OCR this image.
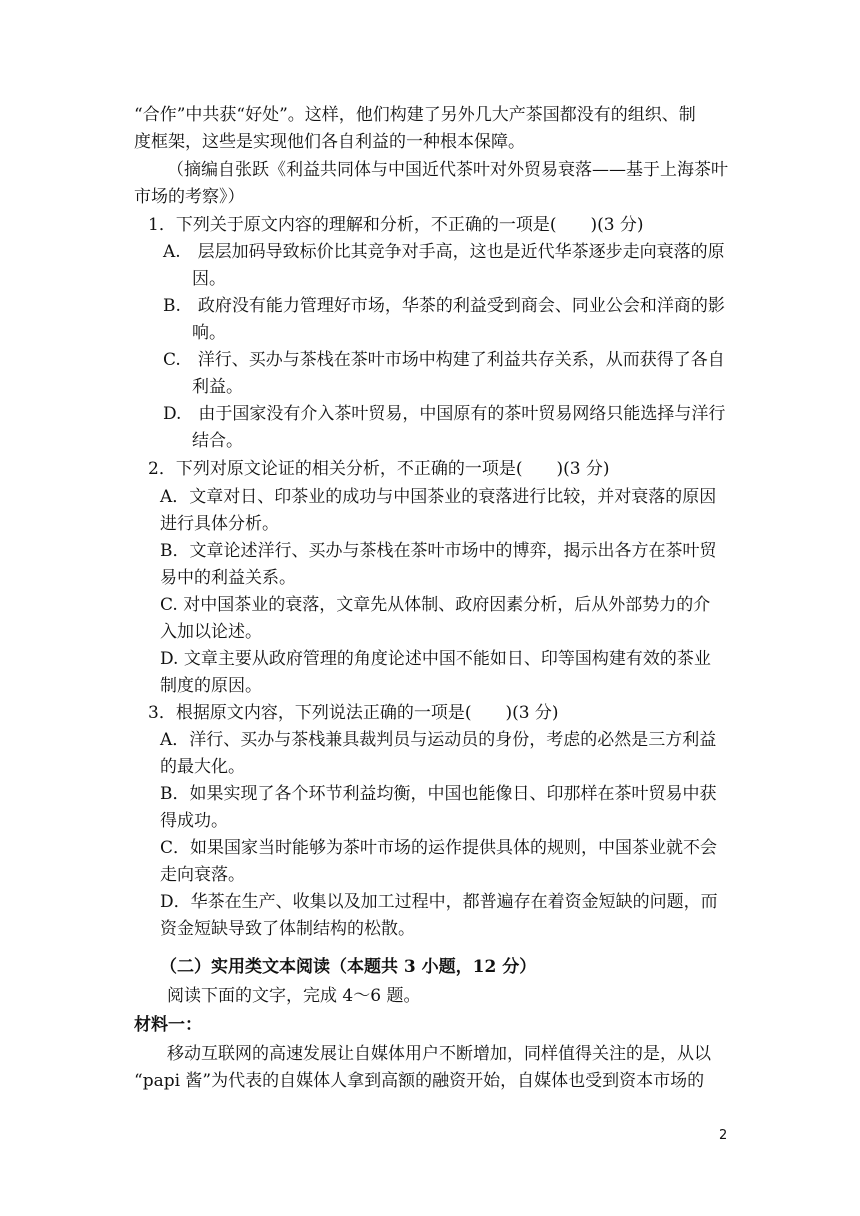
“合作”中共获“好处”。这样，他们构建了另外几大产茶国都没有的组织、制
度框架，这些是实现他们各自利益的一种根本保障。
（摘编自张跃《利益共同体与中国近代茶叶对外贸易衰落——基于上海茶叶
市场的考察》）
1．下列关于原文内容的理解和分析，不正确的一项是(　　)(3 分)
A.　层层加码导致标价比其竞争对手高，这也是近代华茶逐步走向衰落的原
因。
B.　政府没有能力管理好市场，华茶的利益受到商会、同业公会和洋商的影
响。
C.　洋行、买办与茶栈在茶叶市场中构建了利益共存关系，从而获得了各自
利益。
D.　由于国家没有介入茶叶贸易，中国原有的茶叶贸易网络只能选择与洋行
结合。
2．下列对原文论证的相关分析，不正确的一项是(　　)(3 分)
A．文章对日、印茶业的成功与中国茶业的衰落进行比较，并对衰落的原因
进行具体分析。
B．文章论述洋行、买办与茶栈在茶叶市场中的博弈，揭示出各方在茶叶贸
易中的利益关系。
C. 对中国茶业的衰落，文章先从体制、政府因素分析，后从外部势力的介
入加以论述。
D. 文章主要从政府管理的角度论述中国不能如日、印等国构建有效的茶业
制度的原因。
3．根据原文内容，下列说法正确的一项是(　　)(3 分)
A．洋行、买办与茶栈兼具裁判员与运动员的身份，考虑的必然是三方利益
的最大化。
B．如果实现了各个环节利益均衡，中国也能像日、印那样在茶叶贸易中获
得成功。
C．如果国家当时能够为茶叶市场的运作提供具体的规则，中国茶业就不会
走向衰落。
D．华茶在生产、收集以及加工过程中，都普遍存在着资金短缺的问题，而
资金短缺导致了体制结构的松散。
（二）实用类文本阅读（本题共 3 小题，12 分）
阅读下面的文字，完成 4～6 题。
材料一：
移动互联网的高速发展让自媒体用户不断增加，同样值得关注的是，从以
“papi 酱”为代表的自媒体人拿到高额的融资开始，自媒体也受到资本市场的
2
